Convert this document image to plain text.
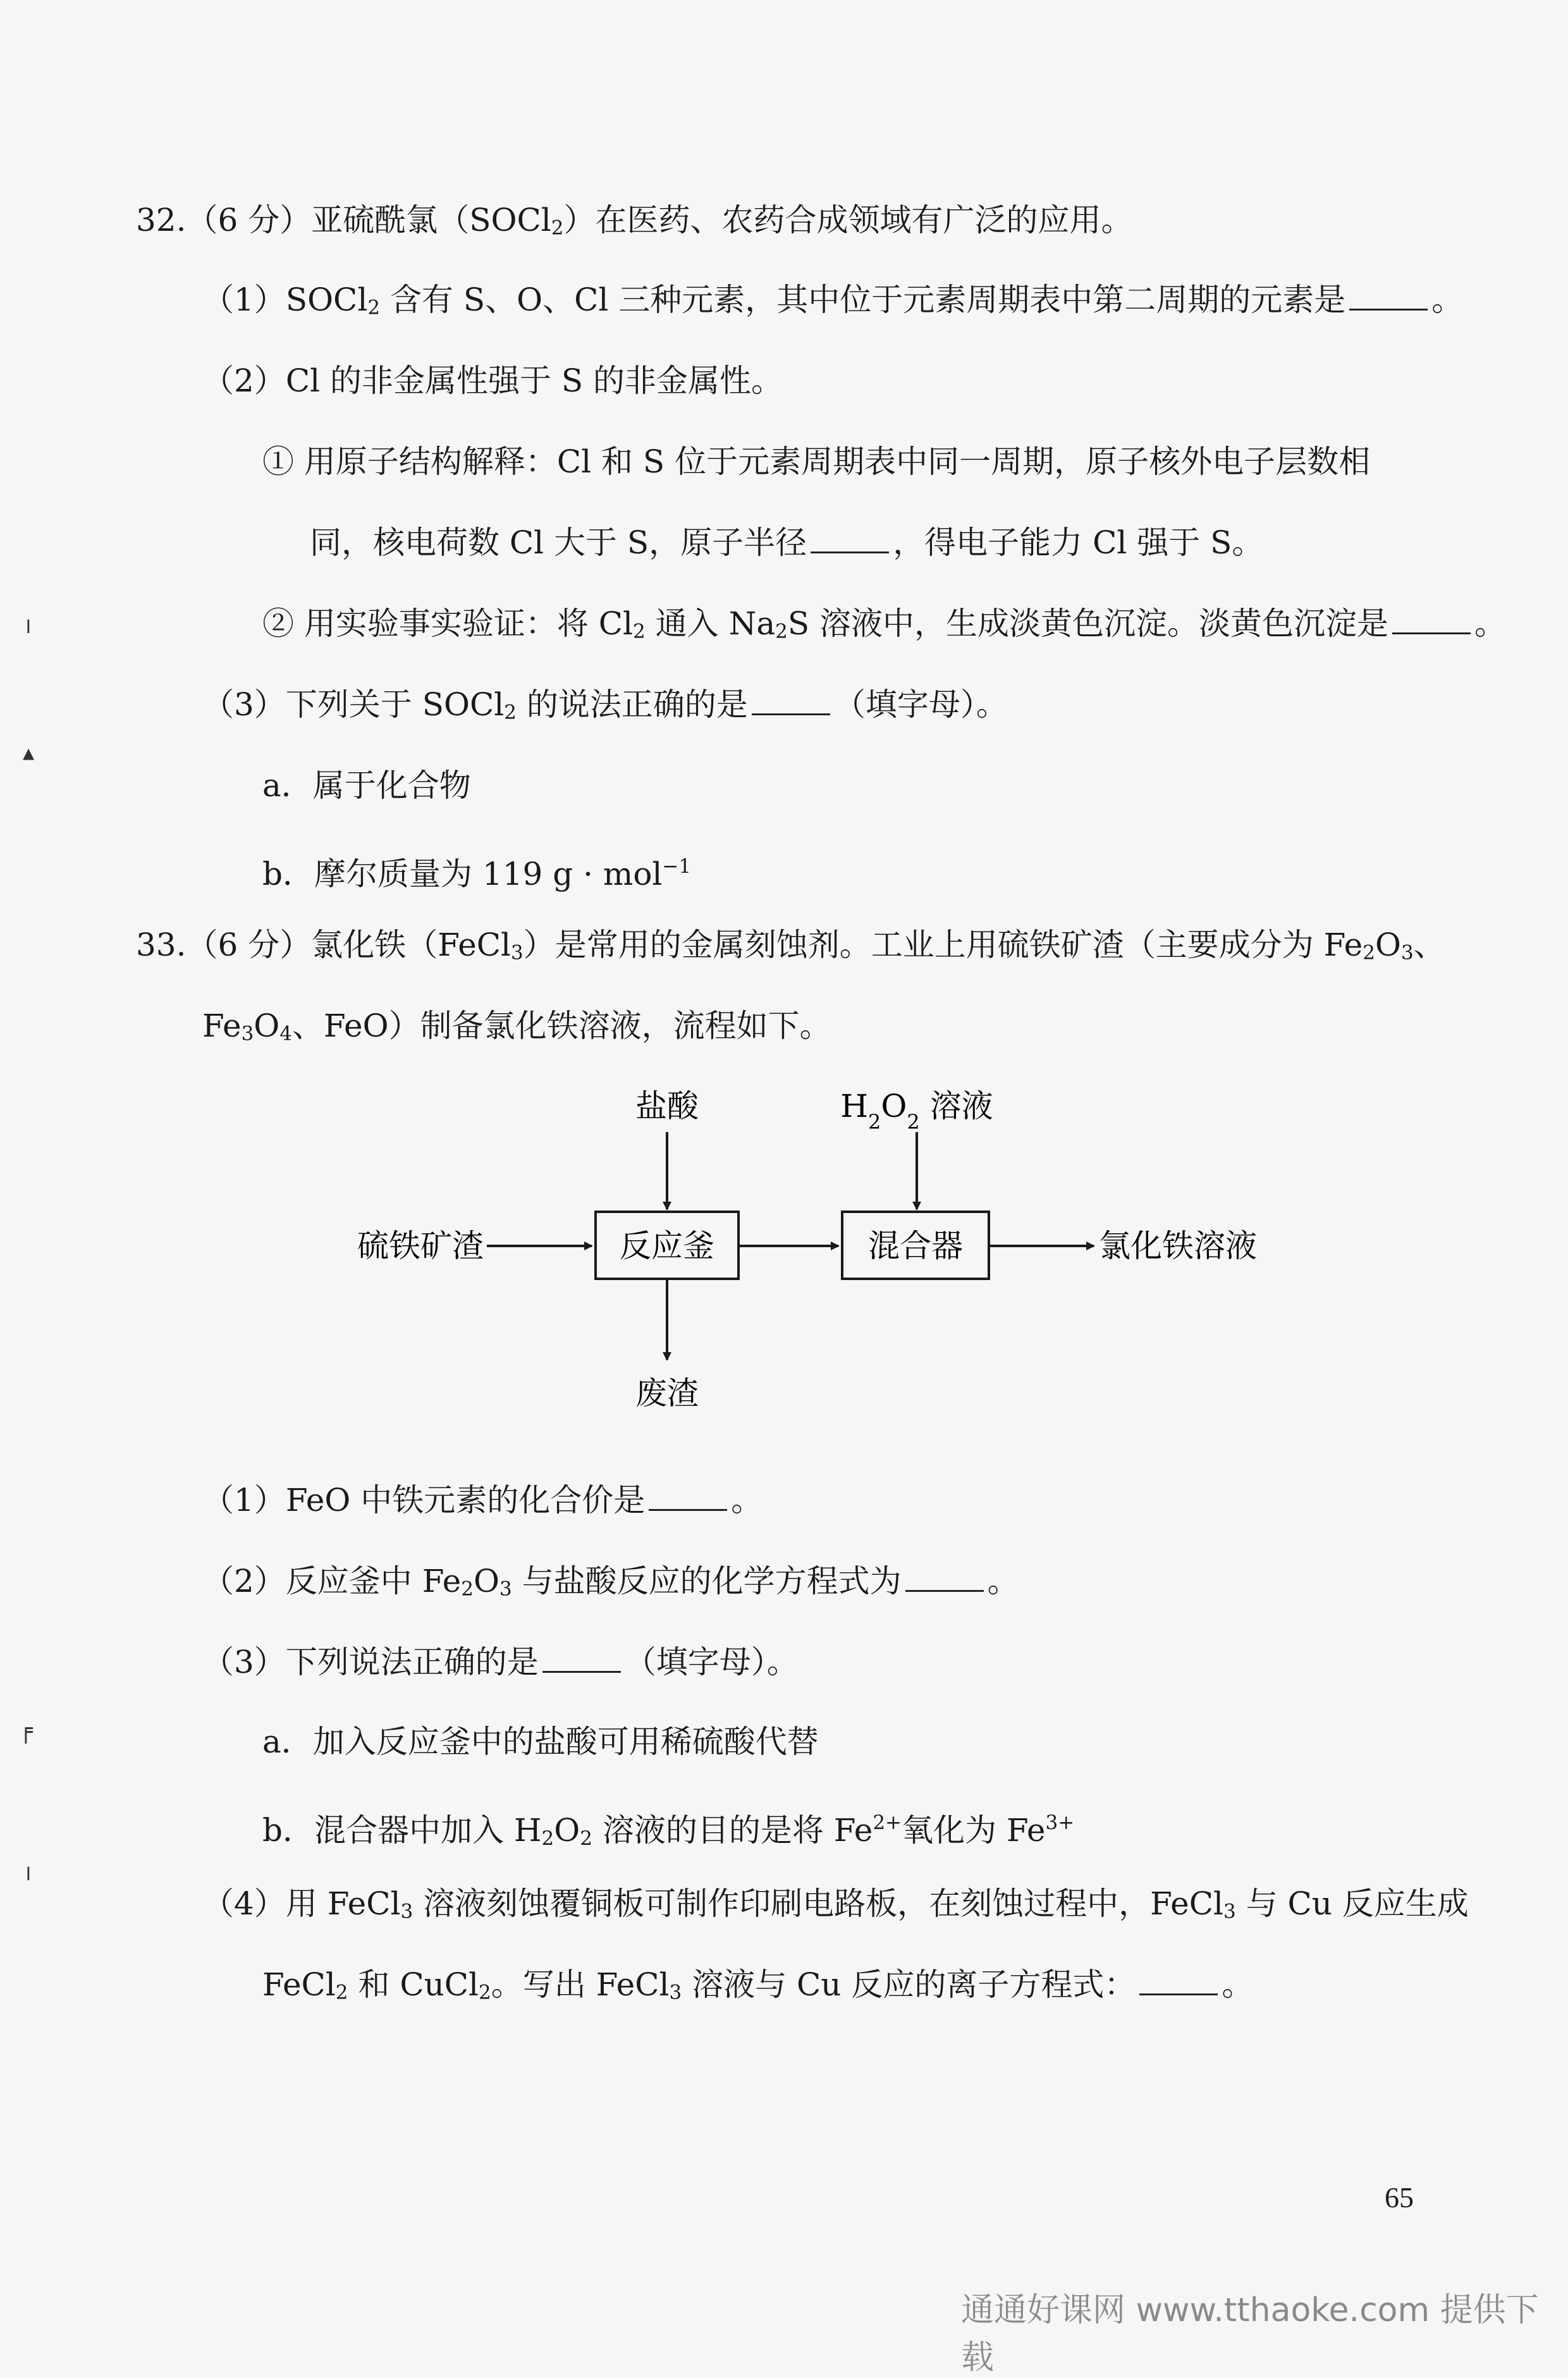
32.（6 分）亚硫酰氯（SOCl$_2$）在医药、农药合成领域有广泛的应用。
（1）SOCl$_2$ 含有 S、O、Cl 三种元素，其中位于元素周期表中第二周期的元素是	。
（2）Cl 的非金属性强于 S 的非金属性。
① 用原子结构解释：Cl 和 S 位于元素周期表中同一周期，原子核外电子层数相
同，核电荷数 Cl 大于 S，原子半径	，得电子能力 Cl 强于 S。
② 用实验事实验证：将 $Cl_2$ 通入 $Na_2S$ 溶液中，生成淡黄色沉淀。淡黄色沉淀是	。
（3）下列关于 SOCl$_2$ 的说法正确的是	（填字母）。
a．属于化合物
b．摩尔质量为 119 g · mol$^{-1}$
33.（6 分）氯化铁（FeCl$_3$）是常用的金属刻蚀剂。工业上用硫铁矿渣（主要成分为 $Fe_2O_3$、
$Fe_3O_4$、FeO）制备氯化铁溶液，流程如下。
盐酸	$H_2O_2$ 溶液
反应釜	混合器
硫铁矿渣	氯化铁溶液
废渣
（1）FeO 中铁元素的化合价是	。
（2）反应釜中 $Fe_2O_3$ 与盐酸反应的化学方程式为	。
（3）下列说法正确的是	（填字母）。
a．加入反应釜中的盐酸可用稀硫酸代替
b．混合器中加入 $H_2O_2$ 溶液的目的是将 $Fe^{2+}$氧化为 $Fe^{3+}$
（4）用 FeCl$_3$ 溶液刻蚀覆铜板可制作印刷电路板，在刻蚀过程中，FeCl$_3$ 与 Cu 反应生成
FeCl$_2$ 和 CuCl$_2$。写出 FeCl$_3$ 溶液与 Cu 反应的离子方程式：	。
╷
▴
╒
╷
65
通通好课网 www.tthaoke.com 提供下载
